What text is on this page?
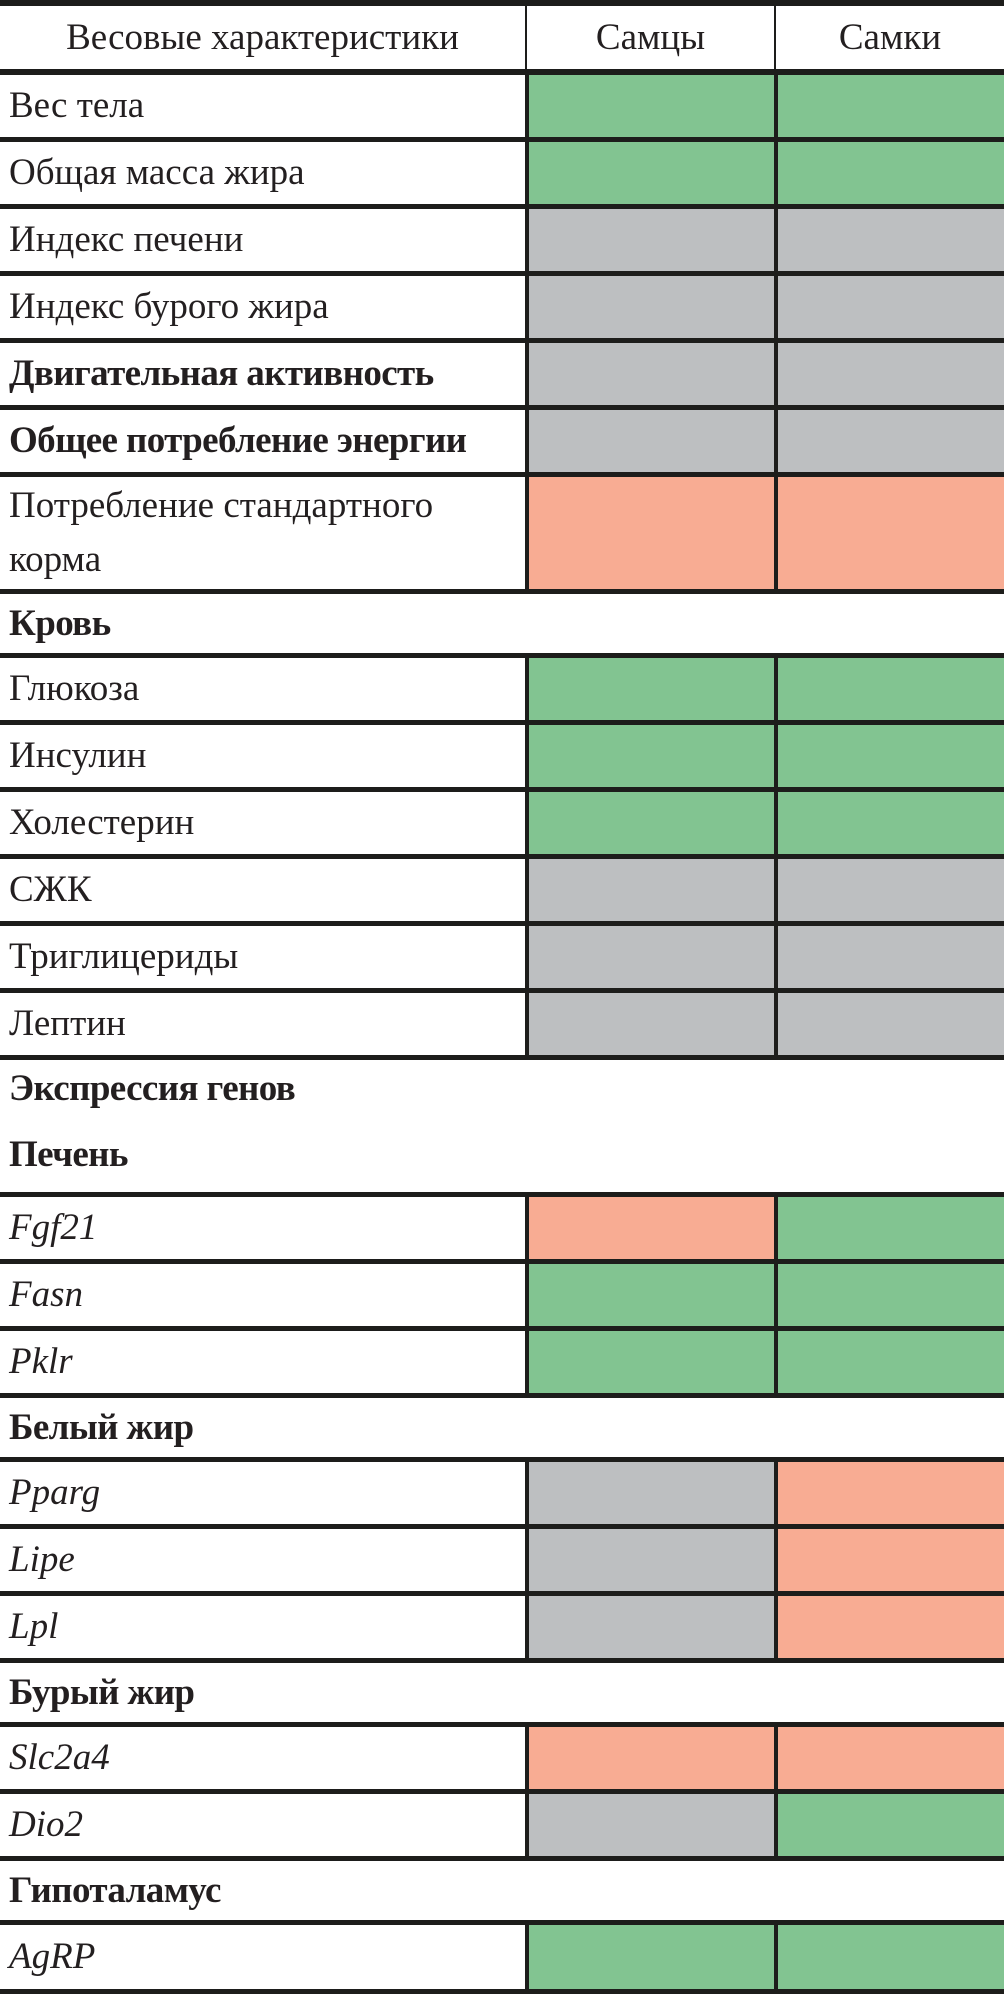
Весовые характеристики	Самцы	Самки
Вес тела
Общая масса жира
Индекс печени
Индекс бурого жира
Двигательная активность
Общее потребление энергии
Потребление стандартного корма
Кровь
Глюкоза
Инсулин
Холестерин
СЖК
Триглицериды
Лептин
Экспрессия генов
Печень
Fgf21
Fasn
Pklr
Белый жир
Pparg
Lipe
Lpl
Бурый жир
Slc2a4
Dio2
Гипоталамус
AgRP
